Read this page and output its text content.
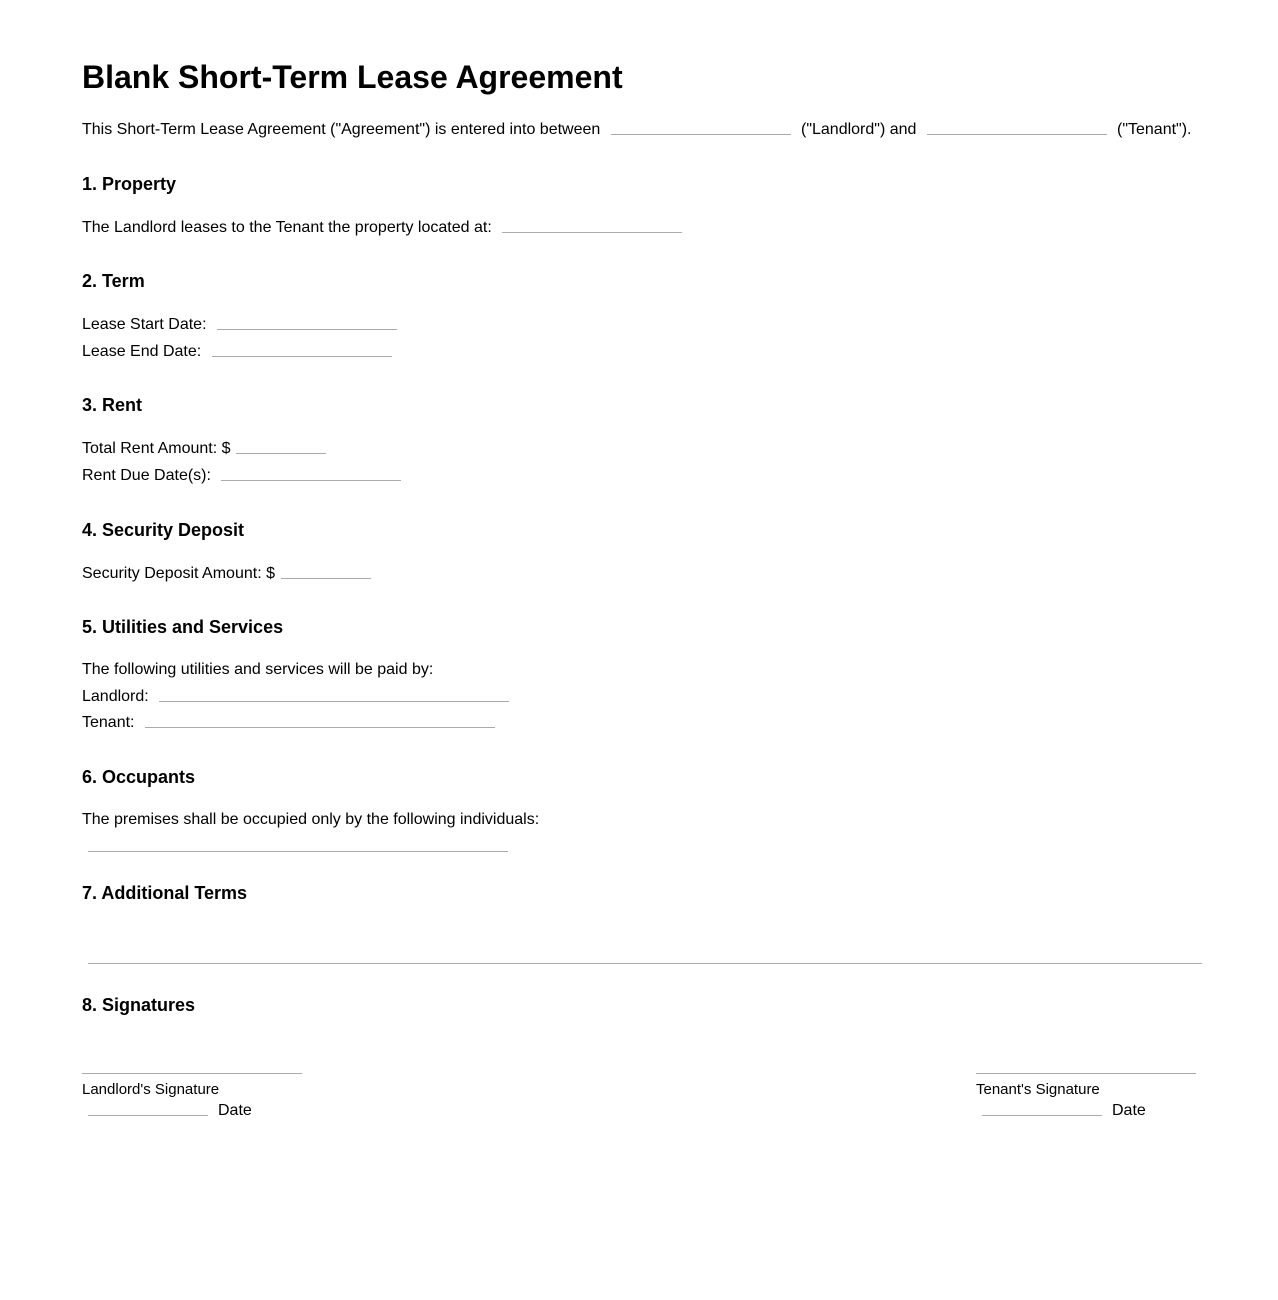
Blank Short-Term Lease Agreement
This Short-Term Lease Agreement ("Agreement") is entered into between	("Landlord") and	("Tenant").
1. Property
The Landlord leases to the Tenant the property located at:
2. Term
Lease Start Date:
Lease End Date:
3. Rent
Total Rent Amount: $
Rent Due Date(s):
4. Security Deposit
Security Deposit Amount: $
5. Utilities and Services
The following utilities and services will be paid by:
Landlord:
Tenant:
6. Occupants
The premises shall be occupied only by the following individuals:
7. Additional Terms
8. Signatures
Landlord's Signature
Date
Tenant's Signature
Date
